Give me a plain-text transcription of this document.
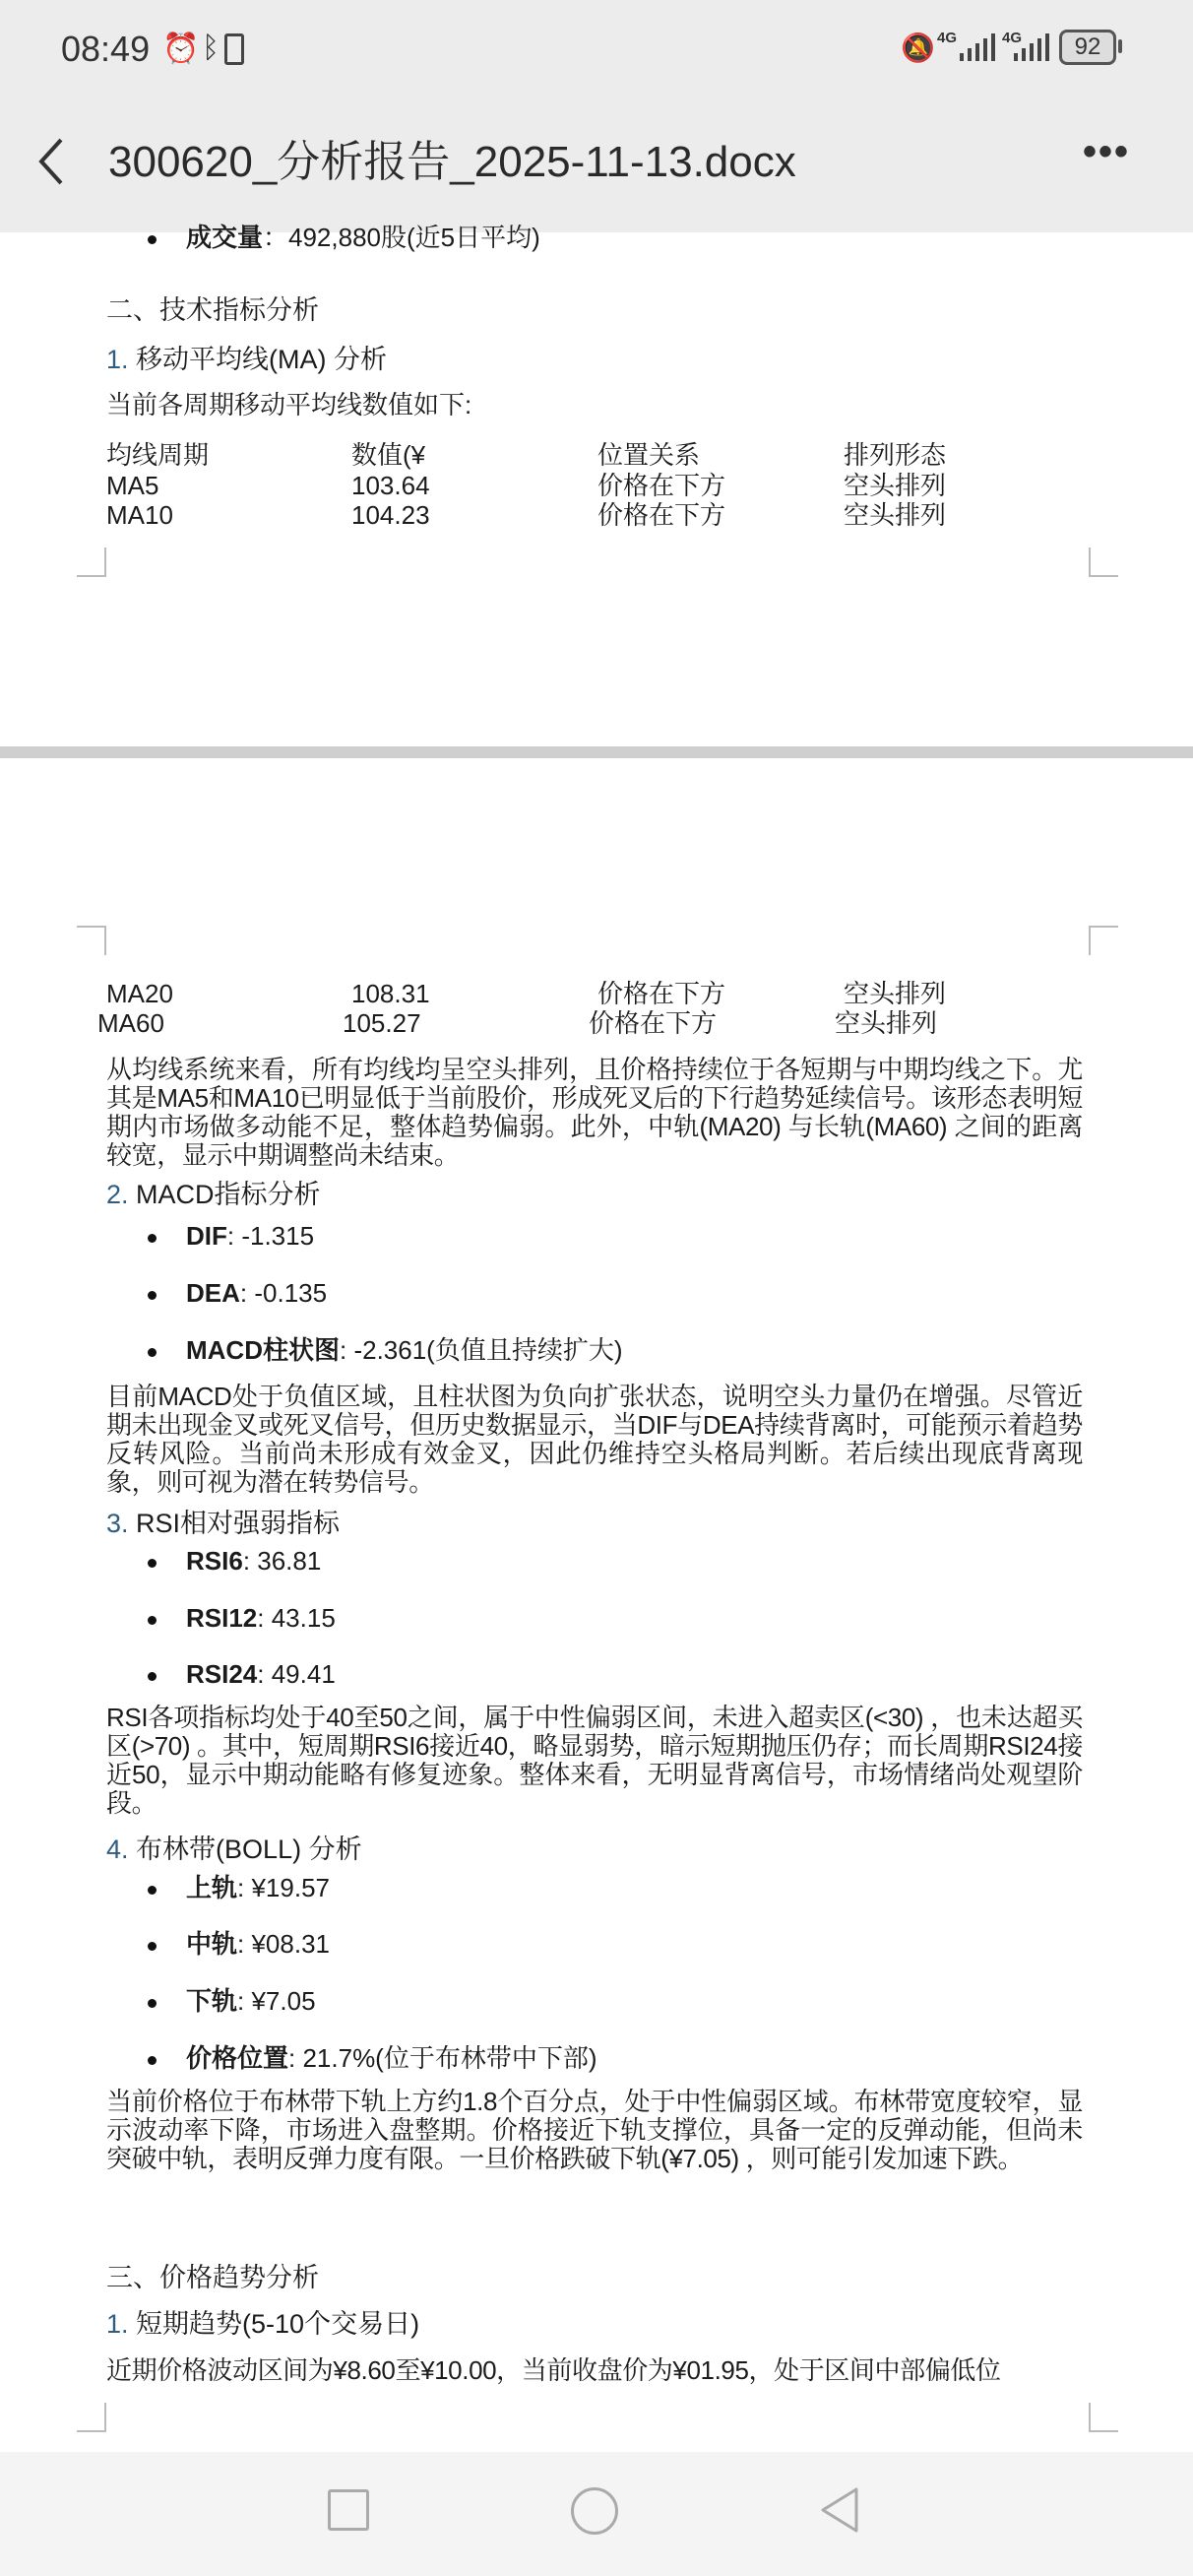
08:49 ⏰ ᛒ	🔕 4G	4G	92
300620_分析报告_2025-11-13.docx	•••
成交量：492,880股(近5日平均)
二、技术指标分析
1. 移动平均线(MA) 分析
当前各周期移动平均线数值如下:
均线周期	数值(¥	位置关系	排列形态
MA5	103.64	价格在下方	空头排列
MA10	104.23	价格在下方	空头排列
MA20	108.31	价格在下方	空头排列
MA60	105.27	价格在下方	空头排列
从均线系统来看，所有均线均呈空头排列，且价格持续位于各短期与中期均线之下。尤其是MA5和MA10已明显低于当前股价，形成死叉后的下行趋势延续信号。该形态表明短期内市场做多动能不足，整体趋势偏弱。此外，中轨(MA20) 与长轨(MA60) 之间的距离较宽，显示中期调整尚未结束。
2. MACD指标分析
DIF: -1.315
DEA: -0.135
MACD柱状图: -2.361(负值且持续扩大)
目前MACD处于负值区域，且柱状图为负向扩张状态，说明空头力量仍在增强。尽管近期未出现金叉或死叉信号，但历史数据显示，当DIF与DEA持续背离时，可能预示着趋势反转风险。当前尚未形成有效金叉，因此仍维持空头格局判断。若后续出现底背离现象，则可视为潜在转势信号。
3. RSI相对强弱指标
RSI6: 36.81
RSI12: 43.15
RSI24: 49.41
RSI各项指标均处于40至50之间，属于中性偏弱区间，未进入超卖区(<30) ，也未达超买区(>70) 。其中，短周期RSI6接近40，略显弱势，暗示短期抛压仍存；而长周期RSI24接近50，显示中期动能略有修复迹象。整体来看，无明显背离信号，市场情绪尚处观望阶段。
4. 布林带(BOLL) 分析
上轨: ¥19.57
中轨: ¥08.31
下轨: ¥7.05
价格位置: 21.7%(位于布林带中下部)
当前价格位于布林带下轨上方约1.8个百分点，处于中性偏弱区域。布林带宽度较窄，显示波动率下降，市场进入盘整期。价格接近下轨支撑位，具备一定的反弹动能，但尚未突破中轨，表明反弹力度有限。一旦价格跌破下轨(¥7.05) ，则可能引发加速下跌。
三、价格趋势分析
1. 短期趋势(5-10个交易日)
近期价格波动区间为¥8.60至¥10.00，当前收盘价为¥01.95，处于区间中部偏低位
